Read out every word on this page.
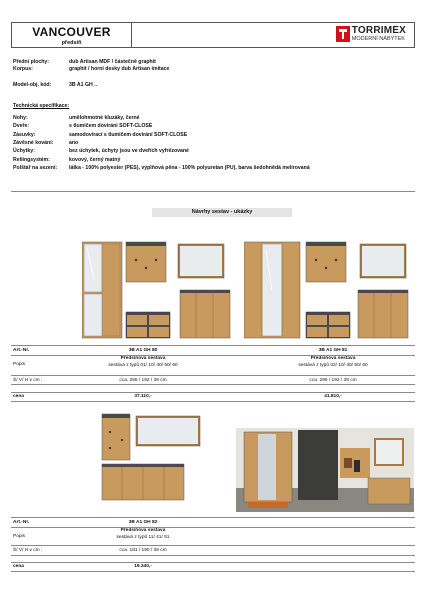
VANCOUVER
předsíň
TORRIMEX
MODERNÍ NÁBYTEK
Přední plochy:	dub Artisan MDF / částečně graphit
Korpus:	graphit / horní desky dub Artisan imitace
Model-obj. kód:	3B A1 GH ..
Technická specifikace:
Nohy:	umělohmotné kluzáky, černé
Dveře:	s tlumičem dovírání SOFT-CLOSE
Zásuvky:	samodovírací s tlumičem dovírání SOFT-CLOSE
Závěsné kování:	ano
Úchytky:	bez úchytek, úchyty jsou ve dveřích vyfrézované
Reliingsystém:	kovový, černý matný
Polštář na sezení:	látka - 100% polyester (PES), výplňová pěna - 100% polyuretan (PU), barva šedohnědá melírovaná
Návrhy sestav - ukázky
Art.-Nr.	3B A1 GH 80	3B A1 GH 81
Popis
Předsíňová sestava
sestává z typů 01/ 10/ 40/ 50/ 60
Předsíňová sestava
sestává z typů 02/ 10/ 40/ 50/ 60
Š/ V/ H v cm :	cca. 255 / 192 / 38 cm	cca. 295 / 192 / 38 cm
cena	37.110,-	41.810,-
Art.-Nr.	3B A1 GH 82
Popis
Předsíňová sestava
sestává z typů 11/ 41/ 51
Š/ V/ H v cm :	cca. 181 / 190 / 38 cm
cena	19.340,-
